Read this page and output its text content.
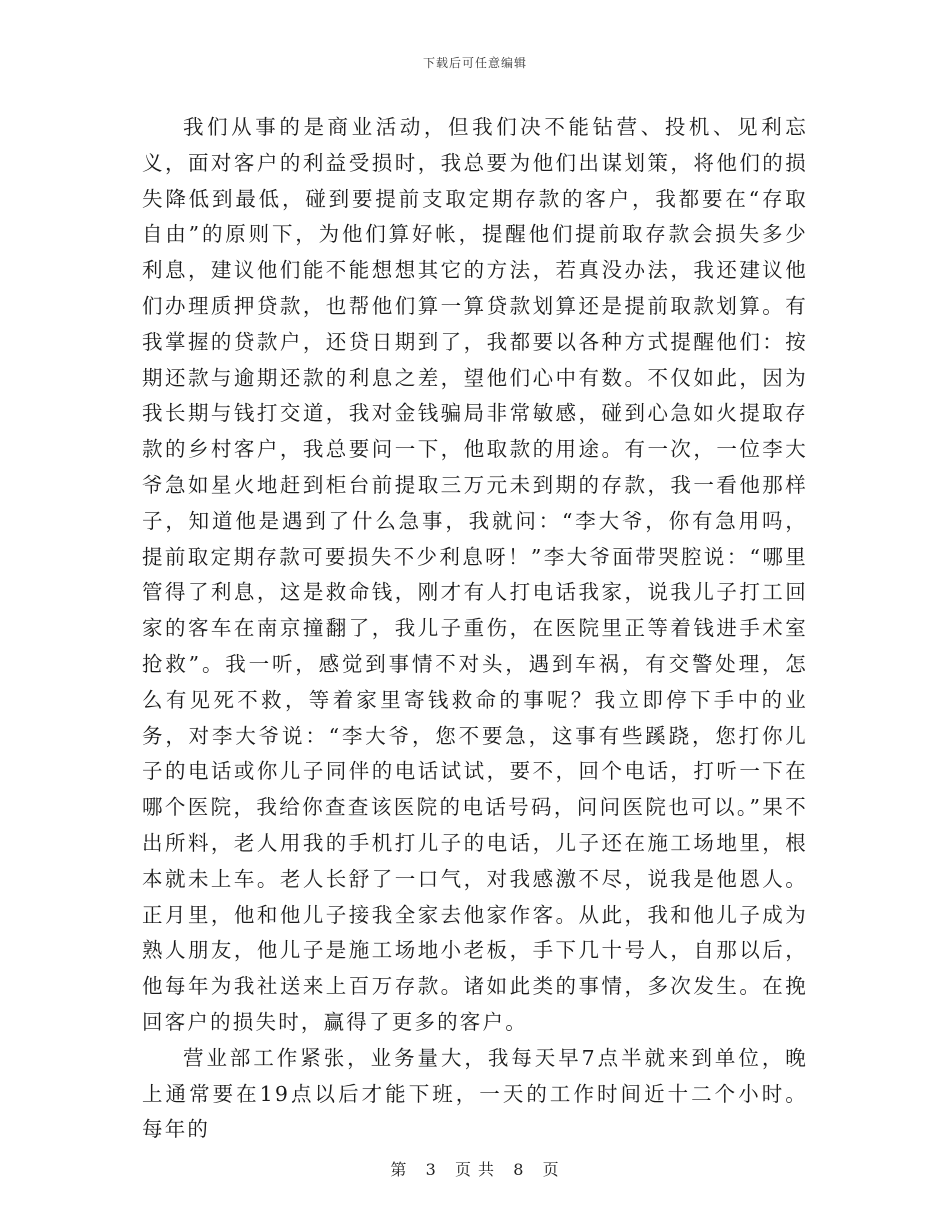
下载后可任意编辑

我们从事的是商业活动，但我们决不能钻营、投机、见利忘义，面对客户的利益受损时，我总要为他们出谋划策，将他们的损失降低到最低，碰到要提前支取定期存款的客户，我都要在“存取自由”的原则下，为他们算好帐，提醒他们提前取存款会损失多少利息，建议他们能不能想想其它的方法，若真没办法，我还建议他们办理质押贷款，也帮他们算一算贷款划算还是提前取款划算。有我掌握的贷款户，还贷日期到了，我都要以各种方式提醒他们：按期还款与逾期还款的利息之差，望他们心中有数。不仅如此，因为我长期与钱打交道，我对金钱骗局非常敏感，碰到心急如火提取存款的乡村客户，我总要问一下，他取款的用途。有一次，一位李大爷急如星火地赶到柜台前提取三万元未到期的存款，我一看他那样子，知道他是遇到了什么急事，我就问：“李大爷，你有急用吗，提前取定期存款可要损失不少利息呀！”李大爷面带哭腔说：“哪里管得了利息，这是救命钱，刚才有人打电话我家，说我儿子打工回家的客车在南京撞翻了，我儿子重伤，在医院里正等着钱进手术室抢救”。我一听，感觉到事情不对头，遇到车祸，有交警处理，怎么有见死不救，等着家里寄钱救命的事呢？我立即停下手中的业务，对李大爷说：“李大爷，您不要急，这事有些蹊跷，您打你儿子的电话或你儿子同伴的电话试试，要不，回个电话，打听一下在哪个医院，我给你查查该医院的电话号码，问问医院也可以。”果不出所料，老人用我的手机打儿子的电话，儿子还在施工场地里，根本就未上车。老人长舒了一口气，对我感激不尽，说我是他恩人。正月里，他和他儿子接我全家去他家作客。从此，我和他儿子成为熟人朋友，他儿子是施工场地小老板，手下几十号人，自那以后，他每年为我社送来上百万存款。诸如此类的事情，多次发生。在挽回客户的损失时，赢得了更多的客户。

营业部工作紧张，业务量大，我每天早7点半就来到单位，晚上通常要在19点以后才能下班，一天的工作时间近十二个小时。每年的

第 3 页 共 8 页
